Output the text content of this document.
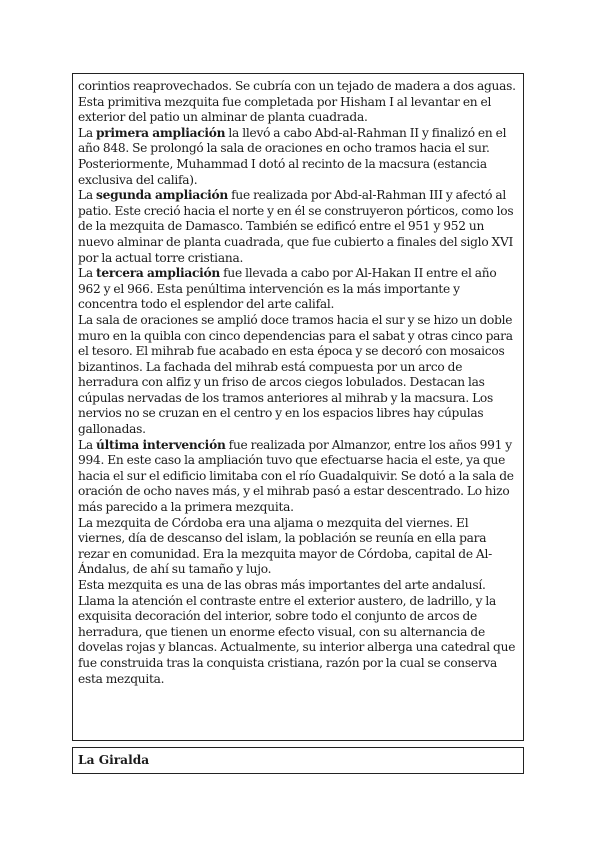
corintios reaprovechados. Se cubría con un tejado de madera a dos aguas.

Esta primitiva mezquita fue completada por Hisham I al levantar en el exterior del patio un alminar de planta cuadrada.

La primera ampliación la llevó a cabo Abd-al-Rahman II y finalizó en el año 848. Se prolongó la sala de oraciones en ocho tramos hacia el sur. Posteriormente, Muhammad I dotó al recinto de la macsura (estancia exclusiva del califa).

La segunda ampliación fue realizada por Abd-al-Rahman III y afectó al patio. Este creció hacia el norte y en él se construyeron pórticos, como los de la mezquita de Damasco. También se edificó entre el 951 y 952 un nuevo alminar de planta cuadrada, que fue cubierto a finales del siglo XVI por la actual torre cristiana.

La tercera ampliación fue llevada a cabo por Al-Hakan II entre el año 962 y el 966. Esta penúltima intervención es la más importante y concentra todo el esplendor del arte califal.

La sala de oraciones se amplió doce tramos hacia el sur y se hizo un doble muro en la quibla con cinco dependencias para el sabat y otras cinco para el tesoro. El mihrab fue acabado en esta época y se decoró con mosaicos bizantinos. La fachada del mihrab está compuesta por un arco de herradura con alfiz y un friso de arcos ciegos lobulados. Destacan las cúpulas nervadas de los tramos anteriores al mihrab y la macsura. Los nervios no se cruzan en el centro y en los espacios libres hay cúpulas gallonadas.

La última intervención fue realizada por Almanzor, entre los años 991 y 994. En este caso la ampliación tuvo que efectuarse hacia el este, ya que hacia el sur el edificio limitaba con el río Guadalquivir. Se dotó a la sala de oración de ocho naves más, y el mihrab pasó a estar descentrado. Lo hizo más parecido a la primera mezquita.

La mezquita de Córdoba era una aljama o mezquita del viernes. El viernes, día de descanso del islam, la población se reunía en ella para rezar en comunidad. Era la mezquita mayor de Córdoba, capital de Al-Ándalus, de ahí su tamaño y lujo.

Esta mezquita es una de las obras más importantes del arte andalusí. Llama la atención el contraste entre el exterior austero, de ladrillo, y la exquisita decoración del interior, sobre todo el conjunto de arcos de herradura, que tienen un enorme efecto visual, con su alternancia de dovelas rojas y blancas. Actualmente, su interior alberga una catedral que fue construida tras la conquista cristiana, razón por la cual se conserva esta mezquita.

La Giralda
